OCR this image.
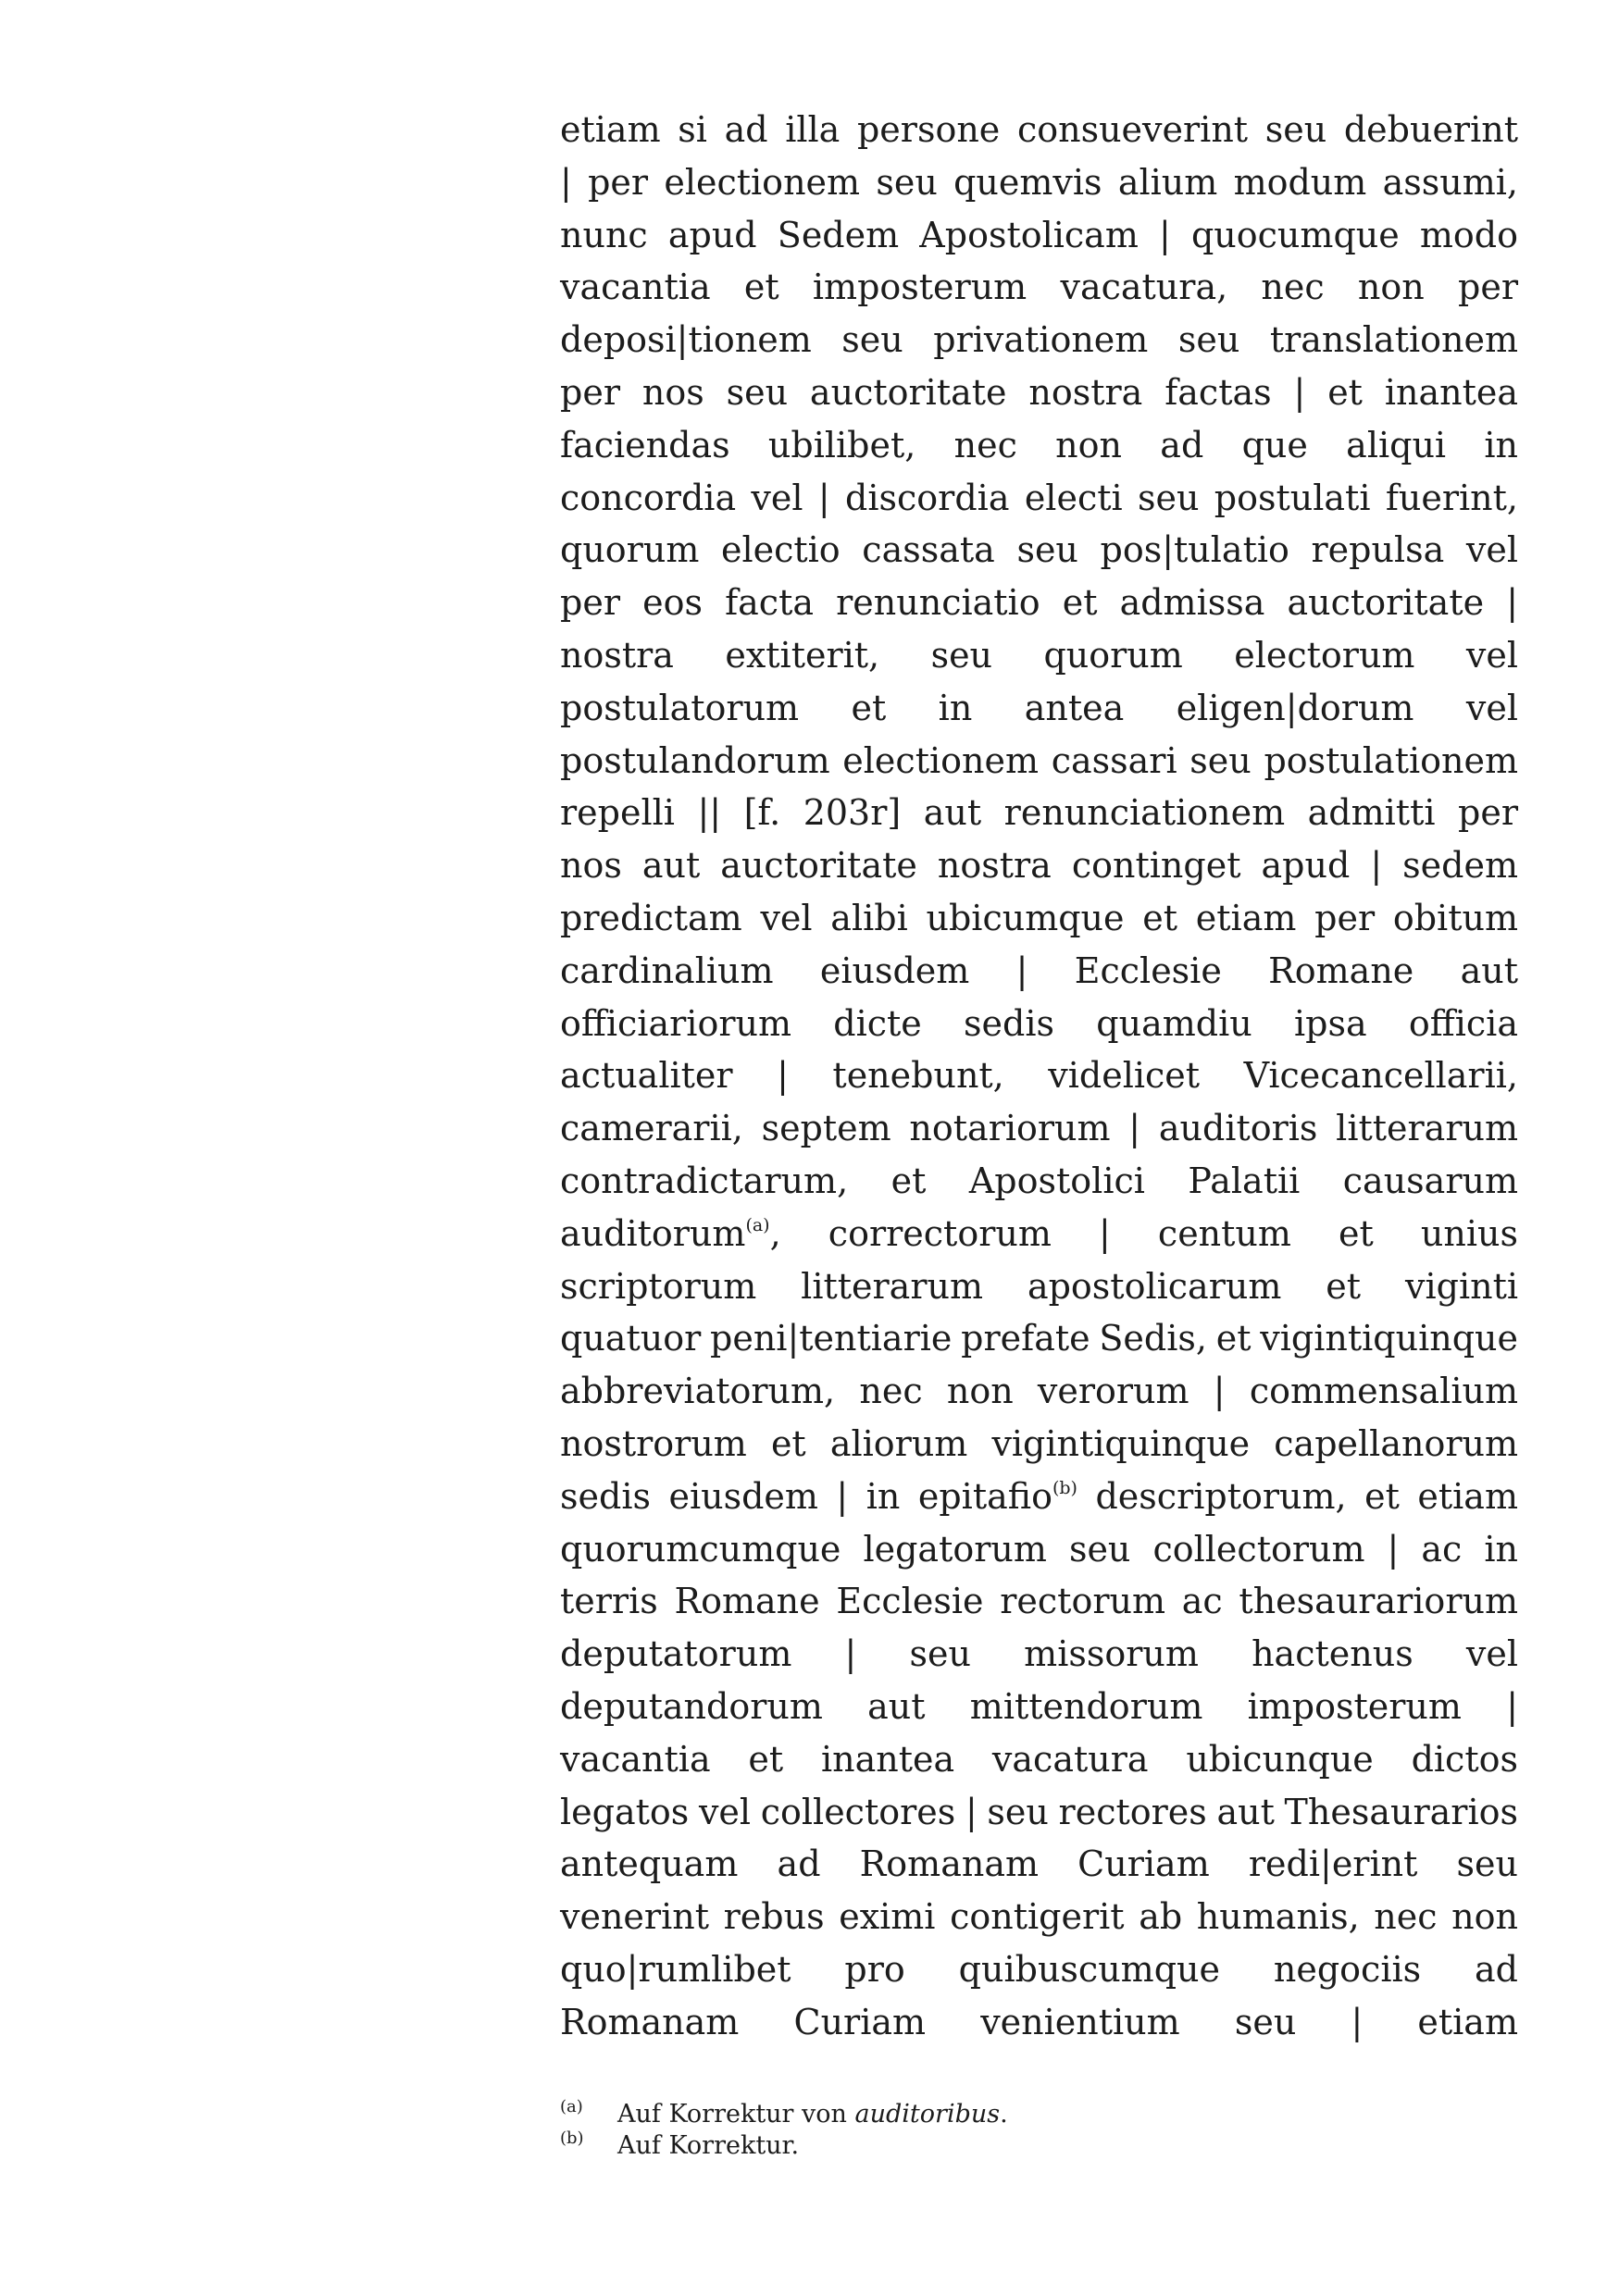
etiam si ad illa persone consueverint seu debuerint
| per electionem seu quemvis alium modum assumi,
nunc apud Sedem Apostolicam | quocumque modo
vacantia et imposterum vacatura, nec non per
deposi|tionem seu privationem seu translationem
per nos seu auctoritate nostra factas | et inantea
faciendas ubilibet, nec non ad que aliqui in
concordia vel | discordia electi seu postulati fuerint,
quorum electio cassata seu pos|tulatio repulsa vel
per eos facta renunciatio et admissa auctoritate |
nostra extiterit, seu quorum electorum vel
postulatorum et in antea eligen|dorum vel
postulandorum electionem cassari seu postulationem
repelli || [f. 203r] aut renunciationem admitti per
nos aut auctoritate nostra continget apud | sedem
predictam vel alibi ubicumque et etiam per obitum
cardinalium eiusdem | Ecclesie Romane aut
officiariorum dicte sedis quamdiu ipsa officia
actualiter | tenebunt, videlicet Vicecancellarii,
camerarii, septem notariorum | auditoris litterarum
contradictarum, et Apostolici Palatii causarum
auditorum$^{(a)}$, correctorum | centum et unius
scriptorum litterarum apostolicarum et viginti
quatuor peni|tentiarie prefate Sedis, et vigintiquinque
abbreviatorum, nec non verorum | commensalium
nostrorum et aliorum vigintiquinque capellanorum
sedis eiusdem | in epitafio$^{(b)}$ descriptorum, et etiam
quorumcumque legatorum seu collectorum | ac in
terris Romane Ecclesie rectorum ac thesaurariorum
deputatorum | seu missorum hactenus vel
deputandorum aut mittendorum imposterum |
vacantia et inantea vacatura ubicunque dictos
legatos vel collectores | seu rectores aut Thesaurarios
antequam ad Romanam Curiam redi|erint seu
venerint rebus eximi contigerit ab humanis, nec non
quo|rumlibet pro quibuscumque negociis ad
Romanam Curiam venientium seu | etiam
(a)	Auf Korrektur von auditoribus.
(b)	Auf Korrektur.
